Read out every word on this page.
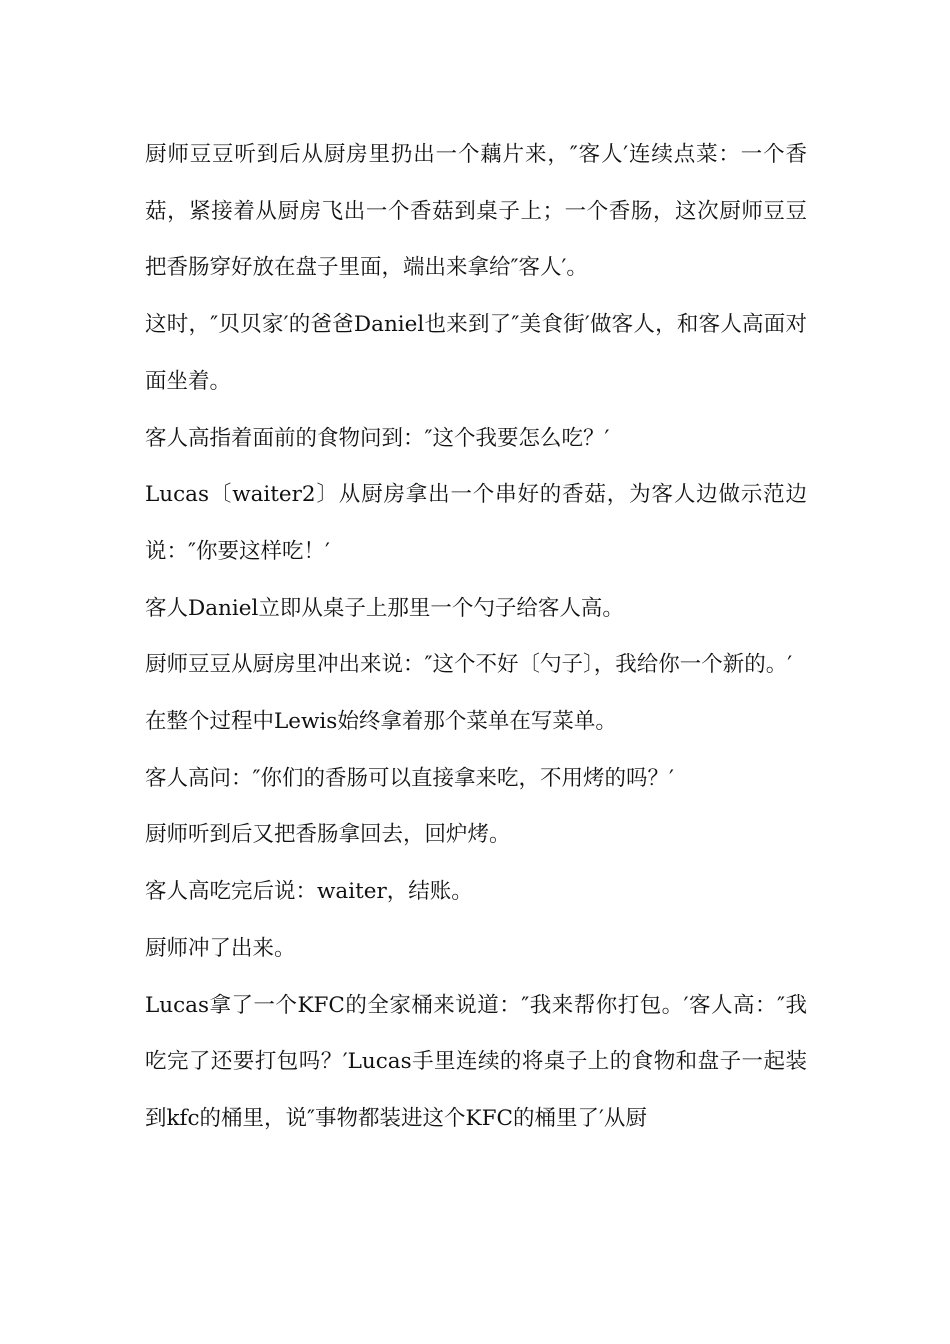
厨师豆豆听到后从厨房里扔出一个藕片来，″客人′连续点菜：一个香菇，紧接着从厨房飞出一个香菇到桌子上；一个香肠，这次厨师豆豆把香肠穿好放在盘子里面，端出来拿给″客人′。

这时，″贝贝家′的爸爸Daniel也来到了″美食街′做客人，和客人高面对面坐着。

客人高指着面前的食物问到：″这个我要怎么吃？′

Lucas〔waiter2〕从厨房拿出一个串好的香菇，为客人边做示范边说：″你要这样吃！′

客人Daniel立即从桌子上那里一个勺子给客人高。

厨师豆豆从厨房里冲出来说：″这个不好〔勺子〕，我给你一个新的。′

在整个过程中Lewis始终拿着那个菜单在写菜单。

客人高问：″你们的香肠可以直接拿来吃，不用烤的吗？′

厨师听到后又把香肠拿回去，回炉烤。

客人高吃完后说：waiter，结账。

厨师冲了出来。

Lucas拿了一个KFC的全家桶来说道：″我来帮你打包。′客人高：″我吃完了还要打包吗？′Lucas手里连续的将桌子上的食物和盘子一起装到kfc的桶里，说″事物都装进这个KFC的桶里了′从厨
